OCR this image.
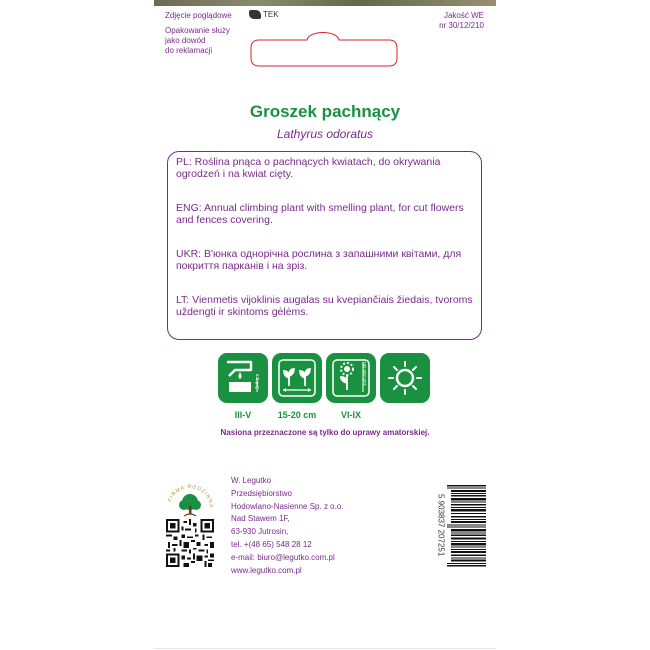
Zdjęcie poglądowe	TEK
Opakowanie służy
jako dowód
do reklamacji
Jakość WE
nr 30/12/210
Groszek pachnący
Lathyrus odoratus

PL: Roślina pnąca o pachnących kwiatach, do okrywania ogrodzeń i na kwiat cięty.

ENG: Annual climbing plant with smelling plant, for cut flowers and fences covering.

UKR: В'юнка однорічна рослина з запашними квітами, для покриття парканів і на зріз.

LT: Vienmetis vijoklinis augalas su kvepiančiais žiedais, tvoroms uždengti ir skintoms gėlėms.

3-4 cm	150-200 cm
III-V	15-20 cm	VI-IX
Nasiona przeznaczone są tylko do uprawy amatorskiej.
FIRMA RODZINNA
W. Legutko
Przedsiębiorstwo
Hodowlano-Nasienne Sp. z o.o.
Nad Stawem 1F,
63-930 Jutrosin,
tel. +(48 65) 548 28 12
e-mail: biuro@legutko.com.pl
www.legutko.com.pl
5 903837 207251
